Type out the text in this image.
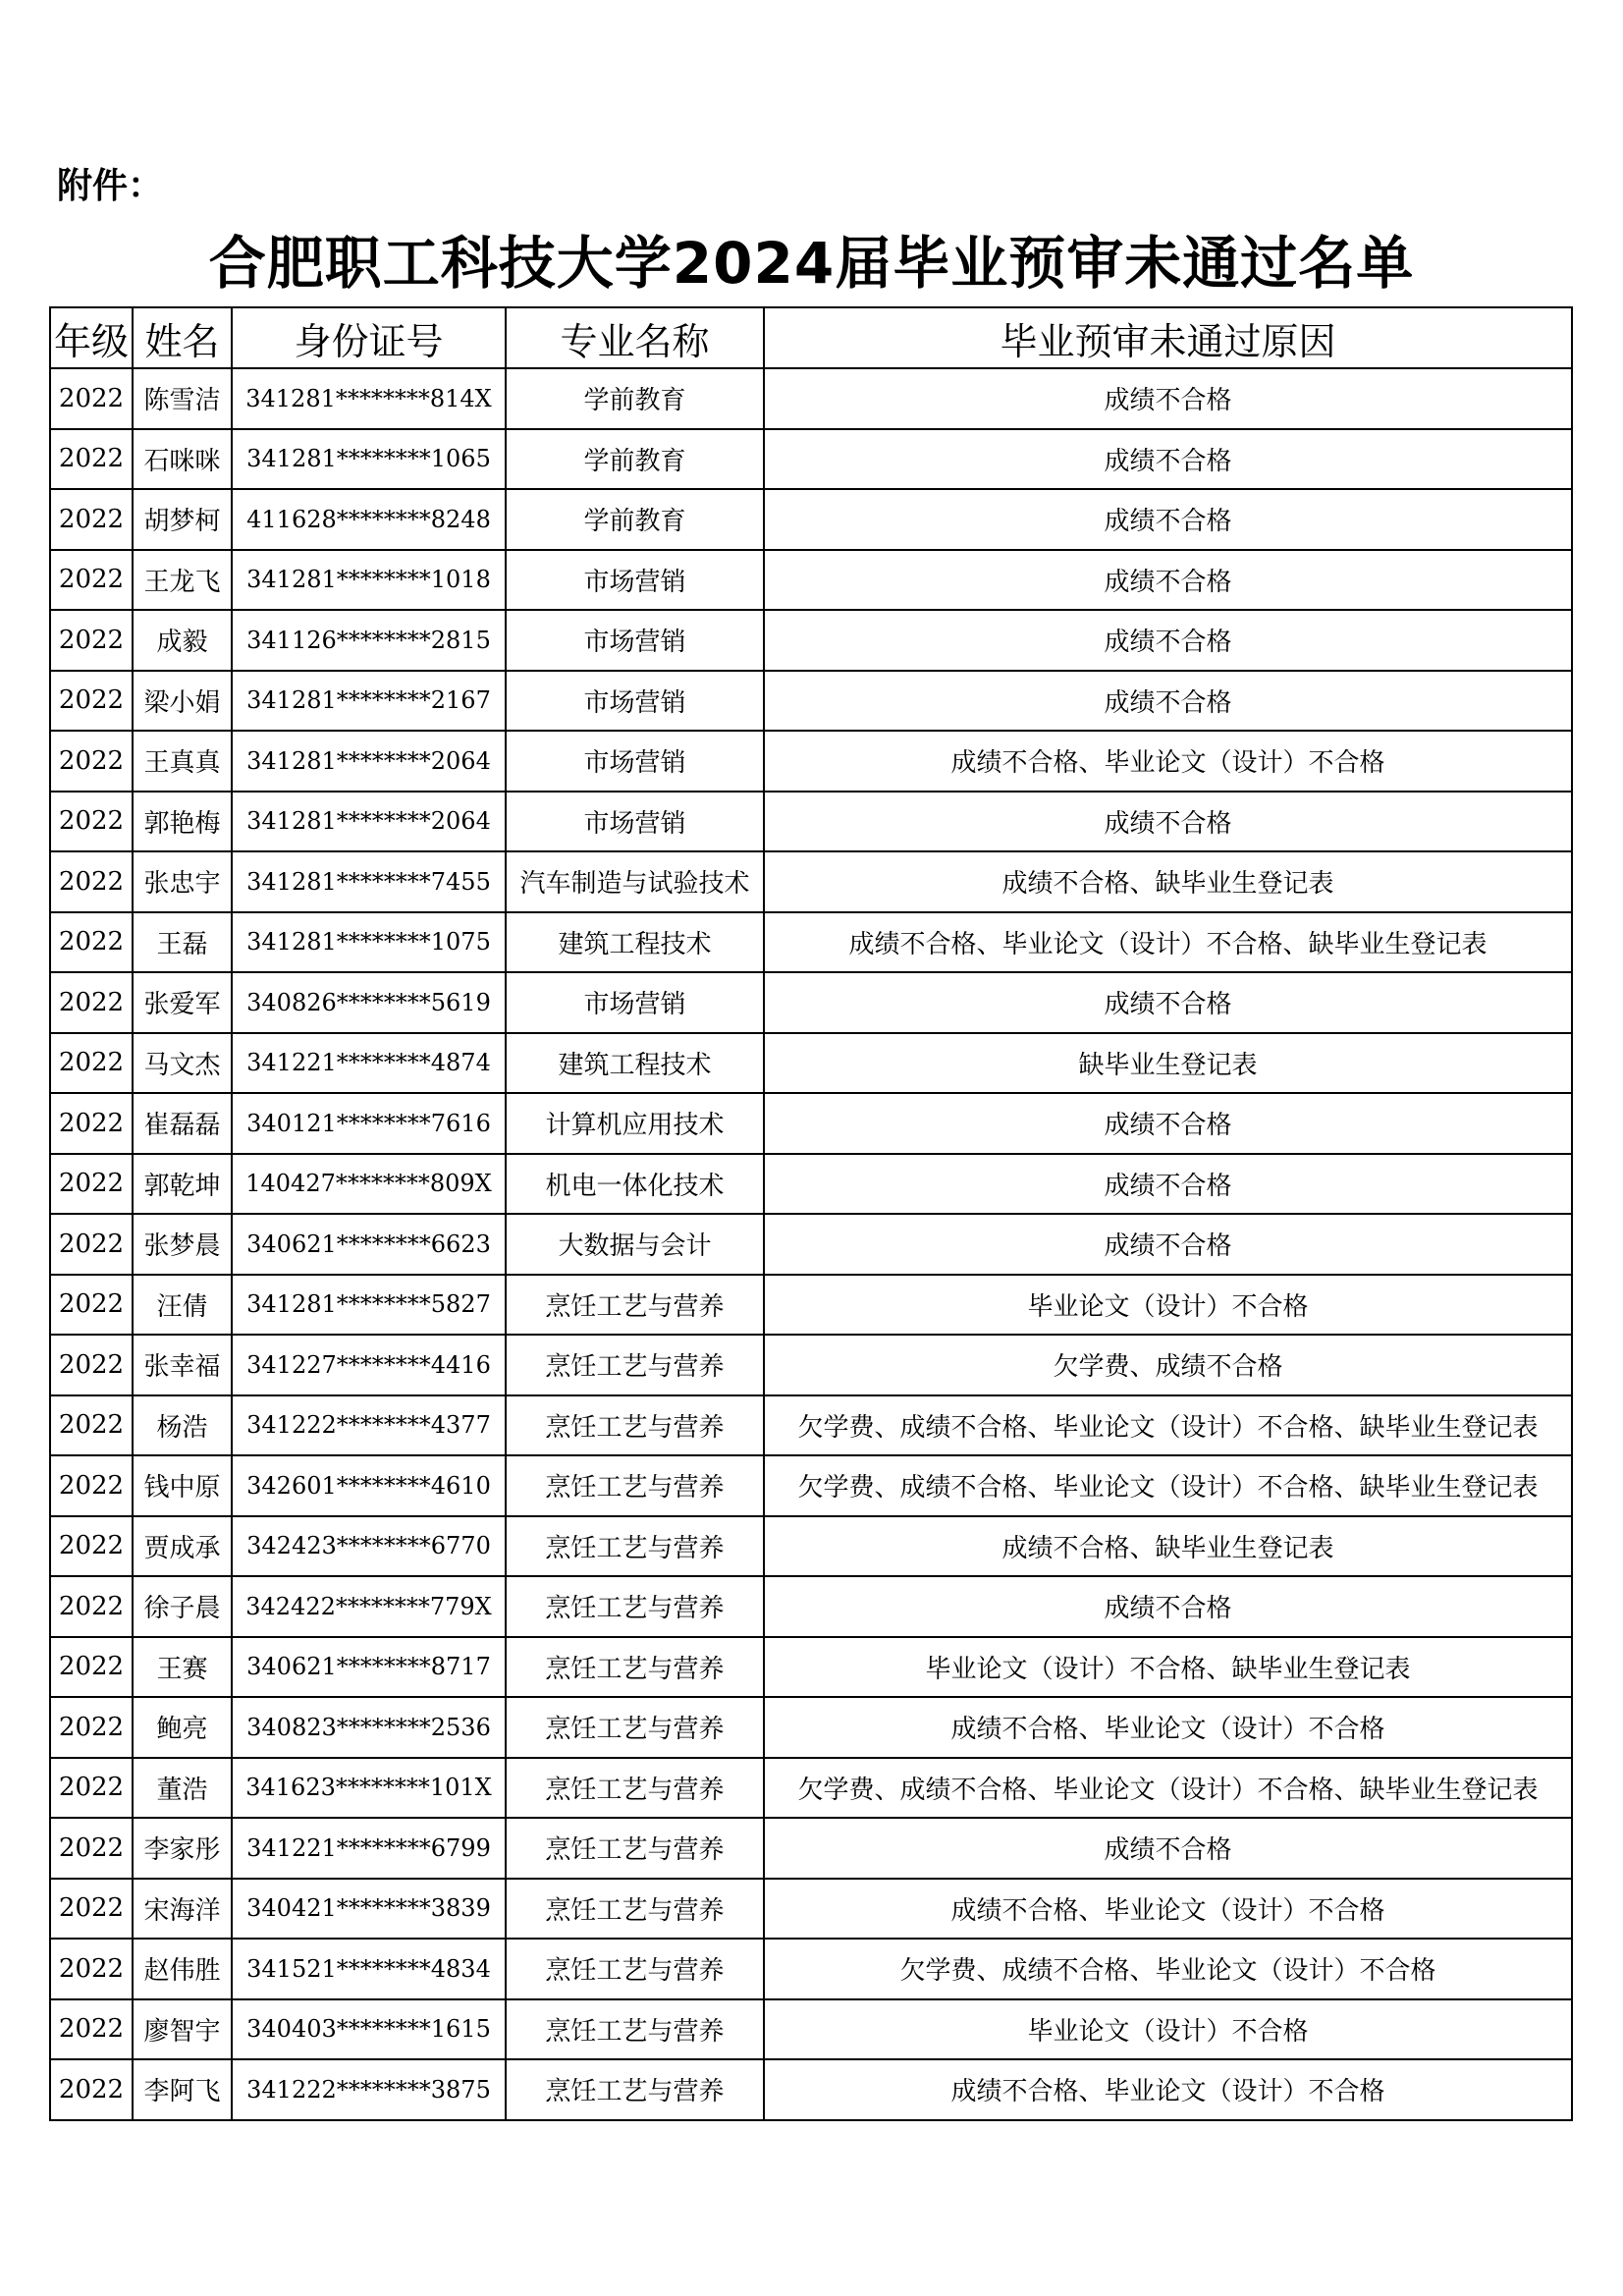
附件：
合肥职工科技大学2024届毕业预审未通过名单
年级	姓名	身份证号	专业名称	毕业预审未通过原因
2022	陈雪洁	341281********814X	学前教育	成绩不合格
2022	石咪咪	341281********1065	学前教育	成绩不合格
2022	胡梦柯	411628********8248	学前教育	成绩不合格
2022	王龙飞	341281********1018	市场营销	成绩不合格
2022	成毅	341126********2815	市场营销	成绩不合格
2022	梁小娟	341281********2167	市场营销	成绩不合格
2022	王真真	341281********2064	市场营销	成绩不合格、毕业论文（设计）不合格
2022	郭艳梅	341281********2064	市场营销	成绩不合格
2022	张忠宇	341281********7455	汽车制造与试验技术	成绩不合格、缺毕业生登记表
2022	王磊	341281********1075	建筑工程技术	成绩不合格、毕业论文（设计）不合格、缺毕业生登记表
2022	张爱军	340826********5619	市场营销	成绩不合格
2022	马文杰	341221********4874	建筑工程技术	缺毕业生登记表
2022	崔磊磊	340121********7616	计算机应用技术	成绩不合格
2022	郭乾坤	140427********809X	机电一体化技术	成绩不合格
2022	张梦晨	340621********6623	大数据与会计	成绩不合格
2022	汪倩	341281********5827	烹饪工艺与营养	毕业论文（设计）不合格
2022	张幸福	341227********4416	烹饪工艺与营养	欠学费、成绩不合格
2022	杨浩	341222********4377	烹饪工艺与营养	欠学费、成绩不合格、毕业论文（设计）不合格、缺毕业生登记表
2022	钱中原	342601********4610	烹饪工艺与营养	欠学费、成绩不合格、毕业论文（设计）不合格、缺毕业生登记表
2022	贾成承	342423********6770	烹饪工艺与营养	成绩不合格、缺毕业生登记表
2022	徐子晨	342422********779X	烹饪工艺与营养	成绩不合格
2022	王赛	340621********8717	烹饪工艺与营养	毕业论文（设计）不合格、缺毕业生登记表
2022	鲍亮	340823********2536	烹饪工艺与营养	成绩不合格、毕业论文（设计）不合格
2022	董浩	341623********101X	烹饪工艺与营养	欠学费、成绩不合格、毕业论文（设计）不合格、缺毕业生登记表
2022	李家彤	341221********6799	烹饪工艺与营养	成绩不合格
2022	宋海洋	340421********3839	烹饪工艺与营养	成绩不合格、毕业论文（设计）不合格
2022	赵伟胜	341521********4834	烹饪工艺与营养	欠学费、成绩不合格、毕业论文（设计）不合格
2022	廖智宇	340403********1615	烹饪工艺与营养	毕业论文（设计）不合格
2022	李阿飞	341222********3875	烹饪工艺与营养	成绩不合格、毕业论文（设计）不合格
